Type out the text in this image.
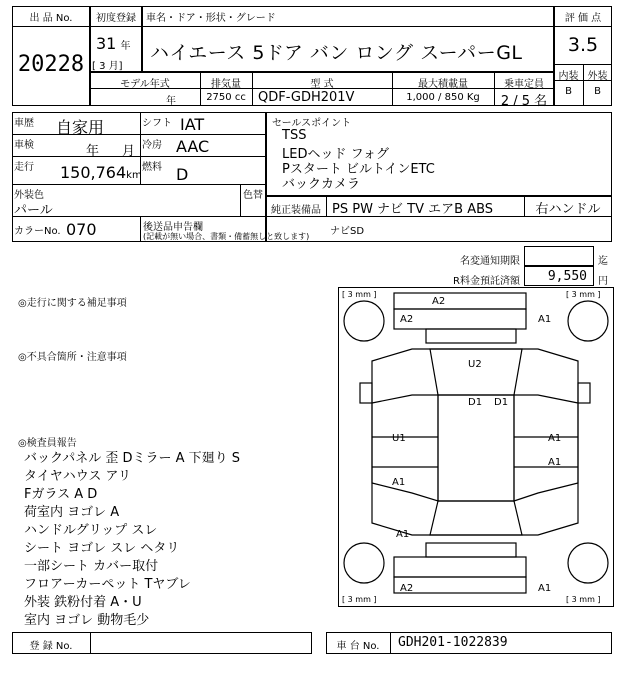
出 品 No.
20228
初度登録
31 年
[ 3 月]
車名・ドア・形状・グレード
ハイエース 5ドア バン ロング スーパーGL
評 価 点
3.5
内装 外装
B	B
モデル年式	排気量	型 式	最大積載量	乗車定員
年	2750 cc QDF-GDH201V	1,000 / 850 Kg	2 / 5 名
車歴 自家用	シフト IAT
車検	年 月 冷房 AAC
走行 150,764km
燃料 D
外装色
パール
色替
カラーNo. 070	後送品申告欄
(記載が無い場合、書類・備蓄無しと致します)
セールスポイント
TSS
LEDヘッド フォグ
Pスタート ビルトインETC
バックカメラ
純正装備品 PS PW ナビ TV エアB ABS	右ハンドル
ナビSD
名変通知期限	迄
R料金預託済額	9,550	円
◎走行に関する補足事項
◎不具合箇所・注意事項
◎検査員報告
バックパネル 歪 Dミラー A 下廻り S
タイヤハウス アリ
Fガラス A D
荷室内 ヨゴレ A
ハンドルグリップ スレ
シート ヨゴレ スレ ヘタリ
一部シート カバー取付
フロアーカーペット Tヤブレ
外装 鉄粉付着 A・U
室内 ヨゴレ 動物毛少
[ 3 mm ]	[ 3 mm ]
[ 3 mm ]	[ 3 mm ]
A2
A2	A1
U2
D1 D1
U1	A1
A1
A1
A1
A2	A1
登 録 No.	車 台 No.	GDH201-1022839
